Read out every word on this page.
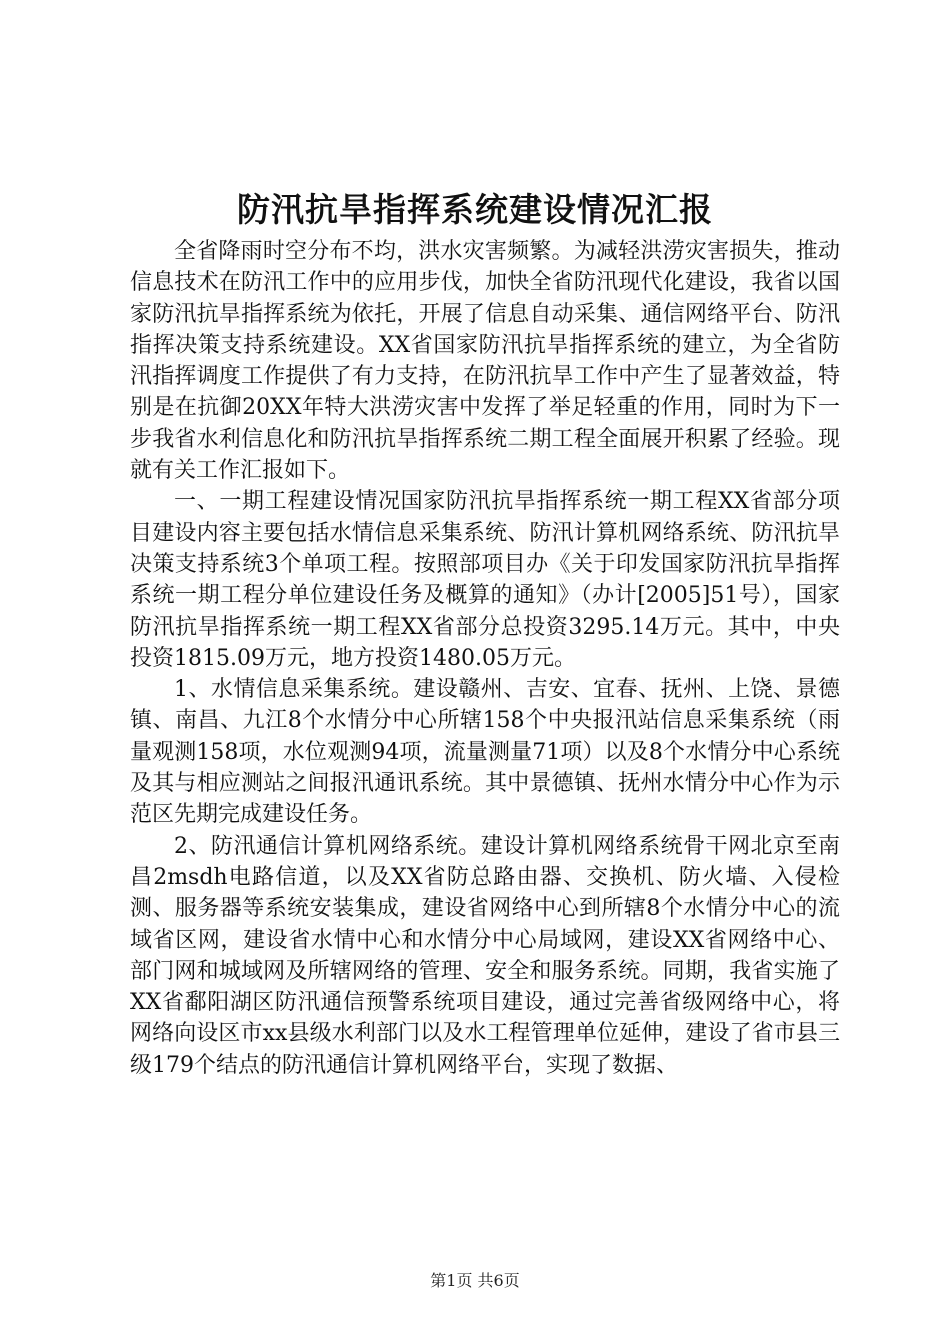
防汛抗旱指挥系统建设情况汇报

全省降雨时空分布不均，洪水灾害频繁。为减轻洪涝灾害损失，推动信息技术在防汛工作中的应用步伐，加快全省防汛现代化建设，我省以国家防汛抗旱指挥系统为依托，开展了信息自动采集、通信网络平台、防汛指挥决策支持系统建设。XX省国家防汛抗旱指挥系统的建立，为全省防汛指挥调度工作提供了有力支持，在防汛抗旱工作中产生了显著效益，特别是在抗御20XX年特大洪涝灾害中发挥了举足轻重的作用，同时为下一步我省水利信息化和防汛抗旱指挥系统二期工程全面展开积累了经验。现就有关工作汇报如下。

一、一期工程建设情况国家防汛抗旱指挥系统一期工程XX省部分项目建设内容主要包括水情信息采集系统、防汛计算机网络系统、防汛抗旱决策支持系统3个单项工程。按照部项目办《关于印发国家防汛抗旱指挥系统一期工程分单位建设任务及概算的通知》（办计[2005]51号），国家防汛抗旱指挥系统一期工程XX省部分总投资3295.14万元。其中，中央投资1815.09万元，地方投资1480.05万元。

1、水情信息采集系统。建设赣州、吉安、宜春、抚州、上饶、景德镇、南昌、九江8个水情分中心所辖158个中央报汛站信息采集系统（雨量观测158项，水位观测94项，流量测量71项）以及8个水情分中心系统及其与相应测站之间报汛通讯系统。其中景德镇、抚州水情分中心作为示范区先期完成建设任务。

2、防汛通信计算机网络系统。建设计算机网络系统骨干网北京至南昌2msdh电路信道，以及XX省防总路由器、交换机、防火墙、入侵检测、服务器等系统安装集成，建设省网络中心到所辖8个水情分中心的流域省区网，建设省水情中心和水情分中心局域网，建设XX省网络中心、部门网和城域网及所辖网络的管理、安全和服务系统。同期，我省实施了XX省鄱阳湖区防汛通信预警系统项目建设，通过完善省级网络中心，将网络向设区市xx县级水利部门以及水工程管理单位延伸，建设了省市县三级179个结点的防汛通信计算机网络平台，实现了数据、

第1页 共6页
